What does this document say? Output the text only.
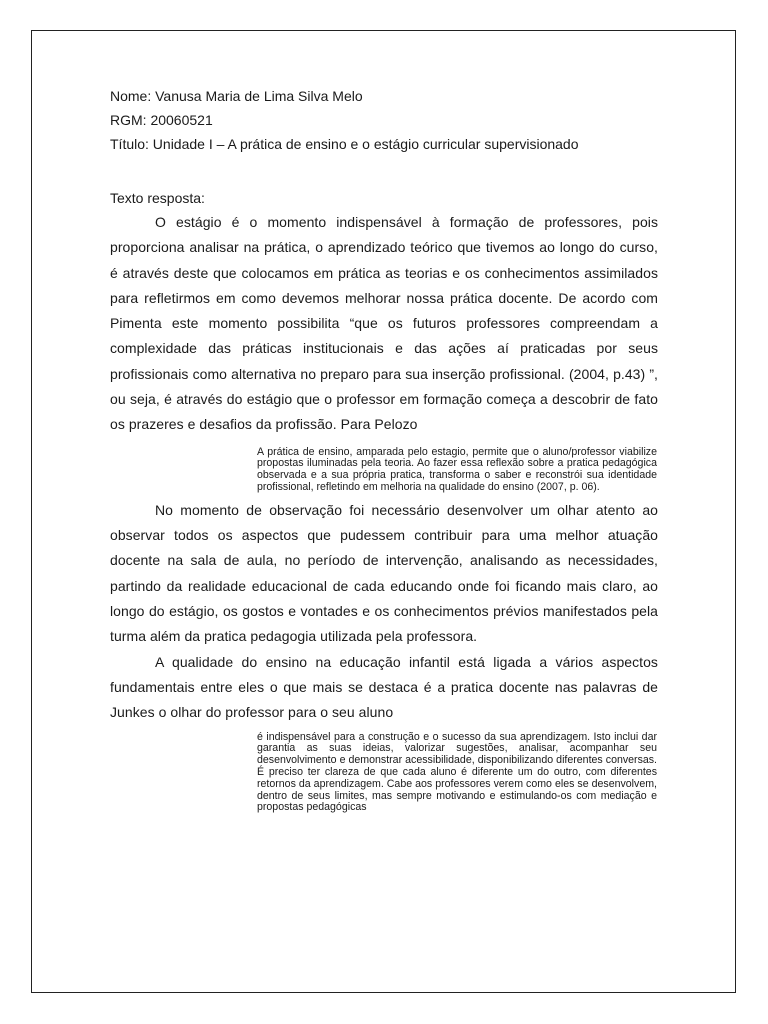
Nome: Vanusa Maria de Lima Silva Melo
RGM: 20060521
Título: Unidade I – A prática de ensino e o estágio curricular supervisionado
Texto resposta:

O estágio é o momento indispensável à formação de professores, pois proporciona analisar na prática, o aprendizado teórico que tivemos ao longo do curso, é através deste que colocamos em prática as teorias e os conhecimentos assimilados para refletirmos em como devemos melhorar nossa prática docente. De acordo com Pimenta este momento possibilita “que os futuros professores compreendam a complexidade das práticas institucionais e das ações aí praticadas por seus profissionais como alternativa no preparo para sua inserção profissional. (2004, p.43) ”, ou seja, é através do estágio que o professor em formação começa a descobrir de fato os prazeres e desafios da profissão. Para Pelozo

A prática de ensino, amparada pelo estagio, permite que o aluno/professor viabilize propostas iluminadas pela teoria. Ao fazer essa reflexão sobre a pratica pedagógica observada e a sua própria pratica, transforma o saber e reconstrói sua identidade profissional, refletindo em melhoria na qualidade do ensino (2007, p. 06).

No momento de observação foi necessário desenvolver um olhar atento ao observar todos os aspectos que pudessem contribuir para uma melhor atuação docente na sala de aula, no período de intervenção, analisando as necessidades, partindo da realidade educacional de cada educando onde foi ficando mais claro, ao longo do estágio, os gostos e vontades e os conhecimentos prévios manifestados pela turma além da pratica pedagogia utilizada pela professora.

A qualidade do ensino na educação infantil está ligada a vários aspectos fundamentais entre eles o que mais se destaca é a pratica docente nas palavras de Junkes o olhar do professor para o seu aluno

é indispensável para a construção e o sucesso da sua aprendizagem. Isto inclui dar garantia as suas ideias, valorizar sugestões, analisar, acompanhar seu desenvolvimento e demonstrar acessibilidade, disponibilizando diferentes conversas. É preciso ter clareza de que cada aluno é diferente um do outro, com diferentes retornos da aprendizagem. Cabe aos professores verem como eles se desenvolvem, dentro de seus limites, mas sempre motivando e estimulando-os com mediação e propostas pedagógicas
